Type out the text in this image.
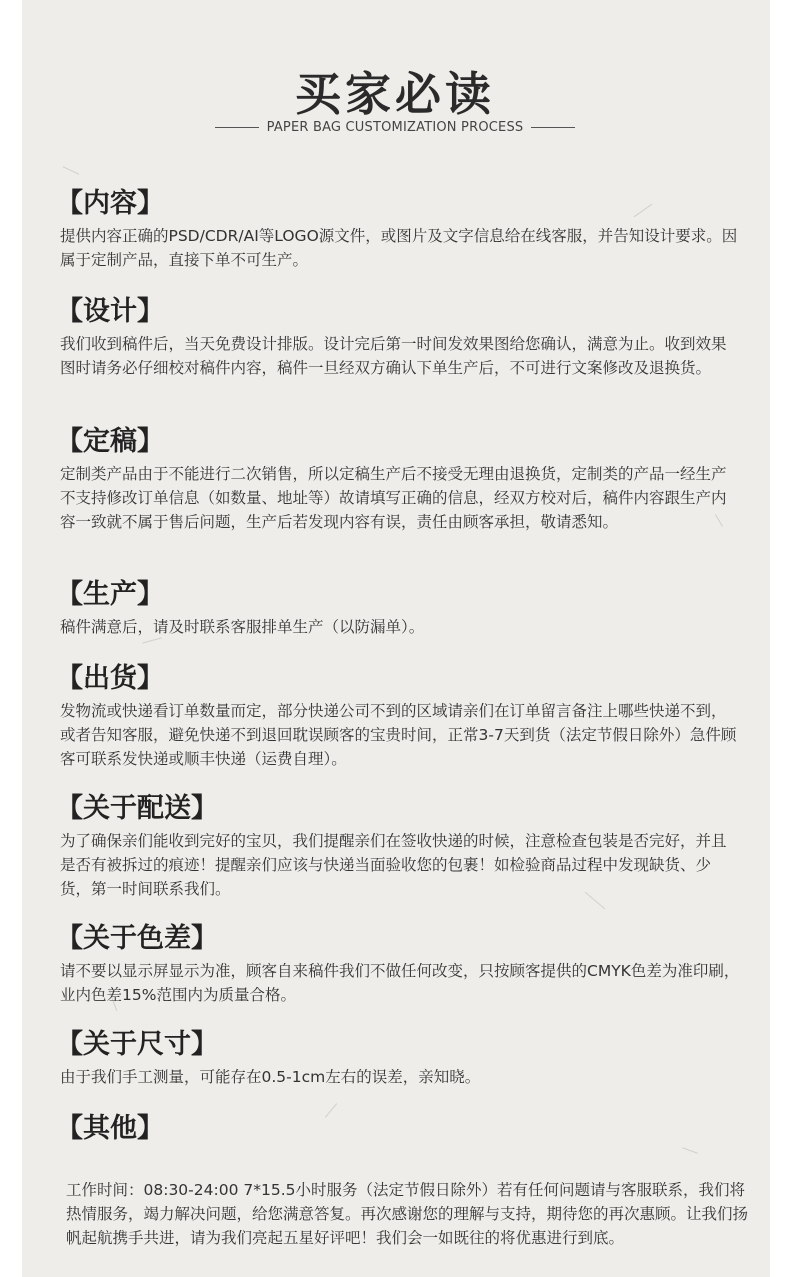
买家必读
PAPER BAG CUSTOMIZATION PROCESS
【内容】
提供内容正确的PSD/CDR/AI等LOGO源文件，或图片及文字信息给在线客服，并告知设计要求。因属于定制产品，直接下单不可生产。
【设计】
我们收到稿件后，当天免费设计排版。设计完后第一时间发效果图给您确认，满意为止。收到效果图时请务必仔细校对稿件内容，稿件一旦经双方确认下单生产后，不可进行文案修改及退换货。
【定稿】
定制类产品由于不能进行二次销售，所以定稿生产后不接受无理由退换货，定制类的产品一经生产不支持修改订单信息（如数量、地址等）故请填写正确的信息，经双方校对后，稿件内容跟生产内容一致就不属于售后问题，生产后若发现内容有误，责任由顾客承担，敬请悉知。
【生产】
稿件满意后，请及时联系客服排单生产（以防漏单）。
【出货】
发物流或快递看订单数量而定，部分快递公司不到的区域请亲们在订单留言备注上哪些快递不到，或者告知客服，避免快递不到退回耽误顾客的宝贵时间，正常3-7天到货（法定节假日除外）急件顾客可联系发快递或顺丰快递（运费自理）。
【关于配送】
为了确保亲们能收到完好的宝贝，我们提醒亲们在签收快递的时候，注意检查包装是否完好，并且是否有被拆过的痕迹！提醒亲们应该与快递当面验收您的包裹！如检验商品过程中发现缺货、少货，第一时间联系我们。
【关于色差】
请不要以显示屏显示为准，顾客自来稿件我们不做任何改变，只按顾客提供的CMYK色差为准印刷，业内色差15%范围内为质量合格。
【关于尺寸】
由于我们手工测量，可能存在0.5-1cm左右的误差，亲知晓。
【其他】
工作时间：08:30-24:00 7*15.5小时服务（法定节假日除外）若有任何问题请与客服联系，我们将热情服务，竭力解决问题，给您满意答复。再次感谢您的理解与支持，期待您的再次惠顾。让我们扬帆起航携手共进，请为我们亮起五星好评吧！我们会一如既往的将优惠进行到底。
